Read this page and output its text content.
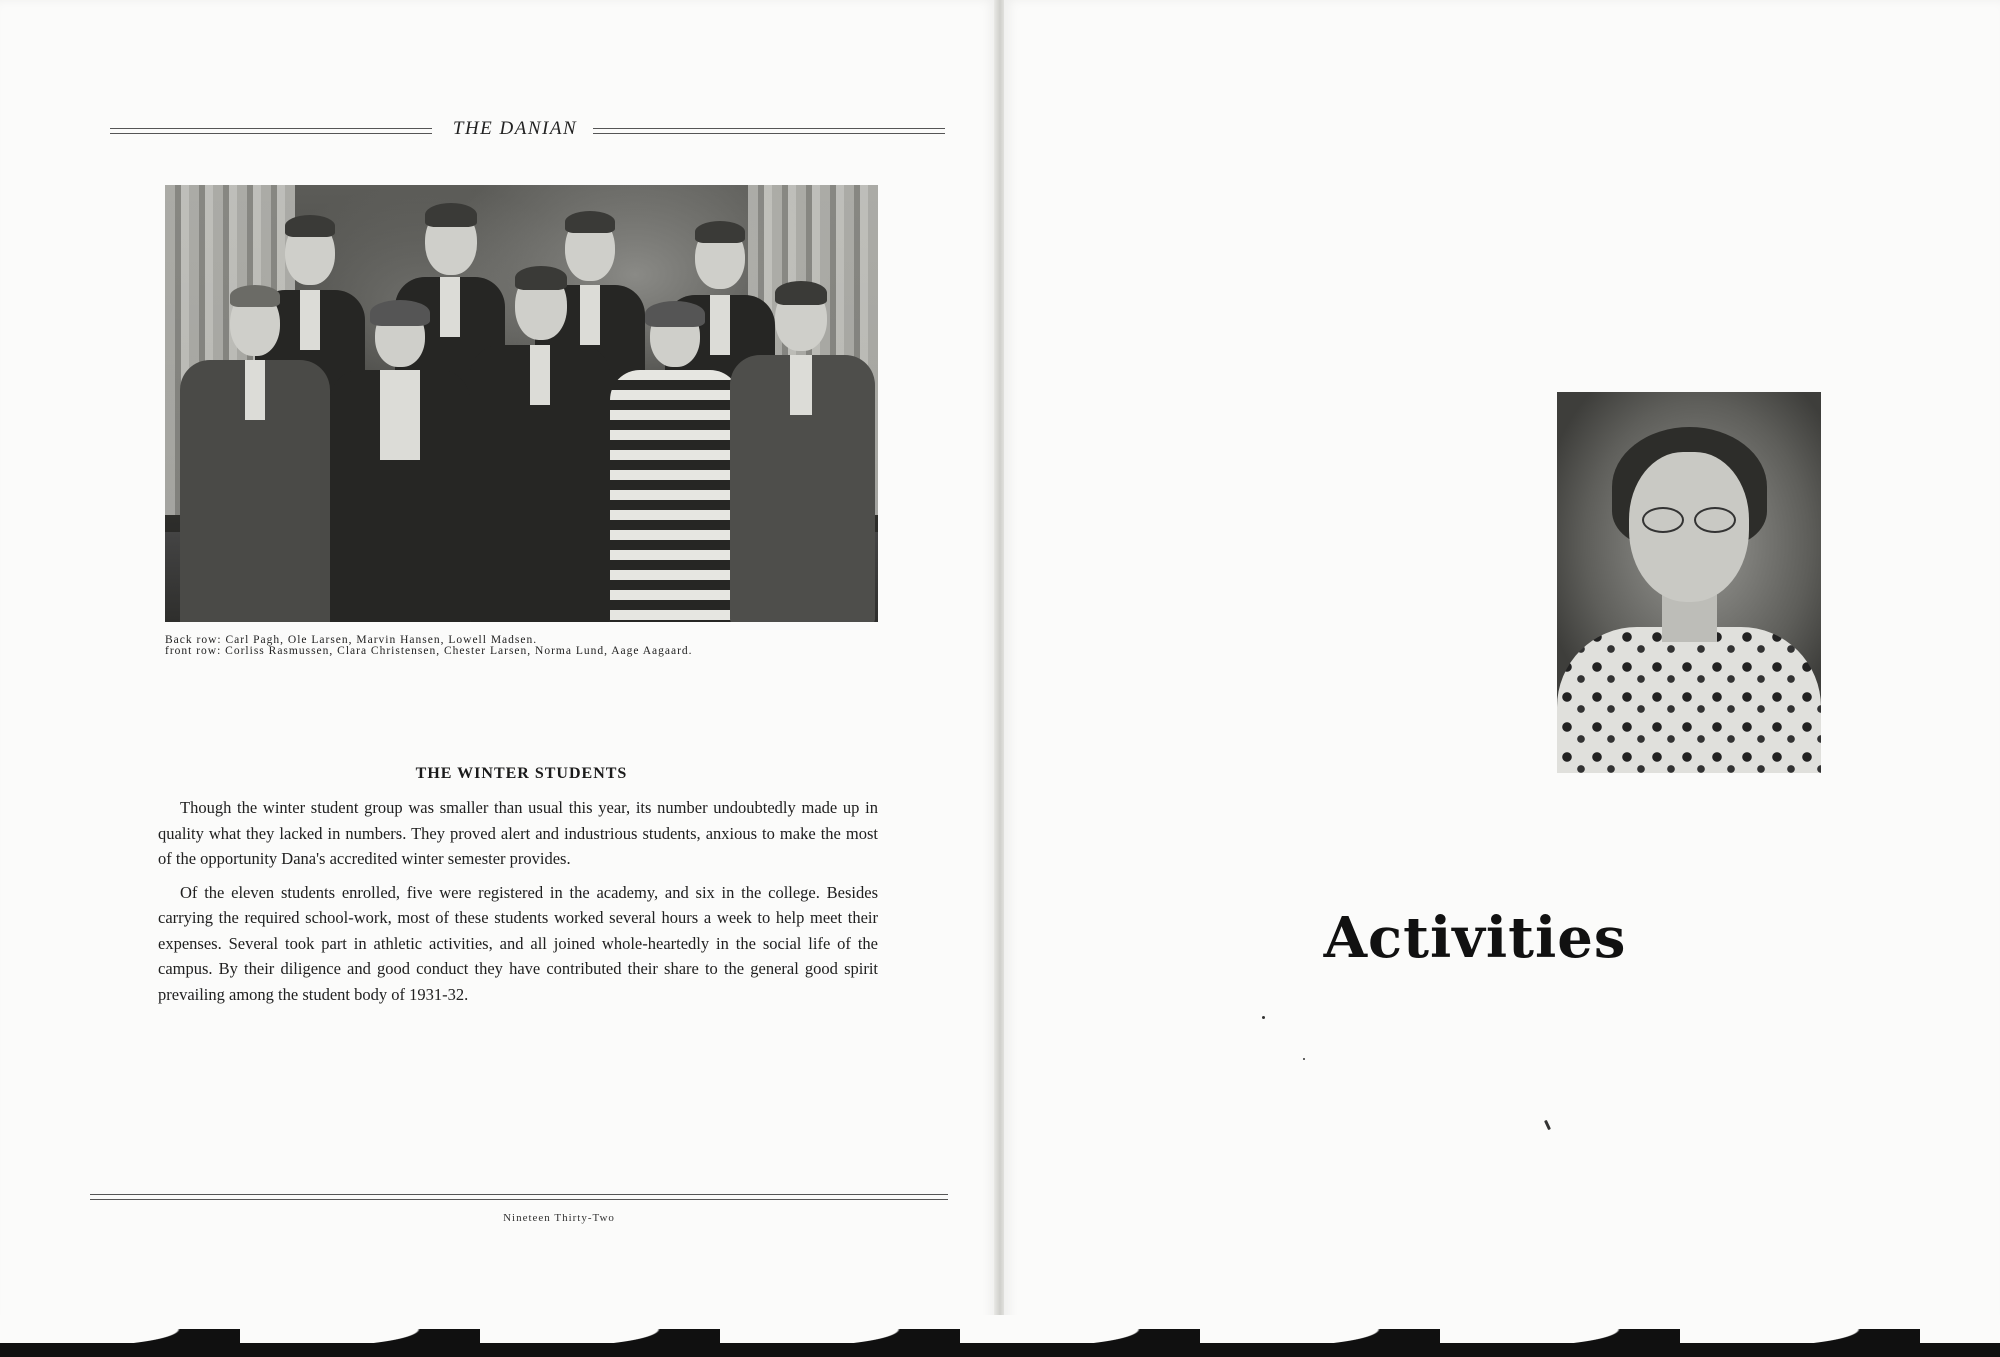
THE DANIAN
Back row: Carl Pagh, Ole Larsen, Marvin Hansen, Lowell Madsen.
front row: Corliss Rasmussen, Clara Christensen, Chester Larsen, Norma Lund, Aage Aagaard.
THE WINTER STUDENTS

Though the winter student group was smaller than usual this year, its number undoubtedly made up in quality what they lacked in numbers. They proved alert and industrious students, anxious to make the most of the opportunity Dana's accredited winter semester provides.

Of the eleven students enrolled, five were registered in the academy, and six in the college. Besides carrying the required school-work, most of these students worked several hours a week to help meet their expenses. Several took part in athletic activities, and all joined whole-heartedly in the social life of the campus. By their diligence and good conduct they have contributed their share to the general good spirit prevailing among the student body of 1931-32.

Nineteen Thirty-Two
Activities
